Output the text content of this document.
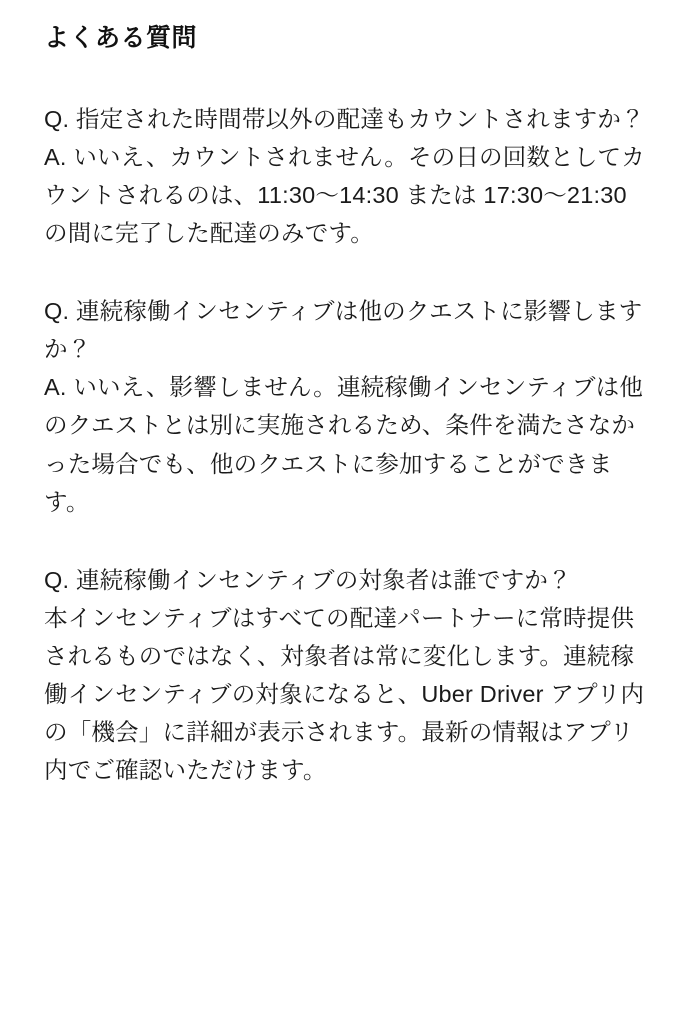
よくある質問

Q. 指定された時間帯以外の配達もカウントされますか？

A. いいえ、カウントされません。その日の回数としてカウントされるのは、11:30〜14:30 または 17:30〜21:30 の間に完了した配達のみです。

Q. 連続稼働インセンティブは他のクエストに影響しますか？

A. いいえ、影響しません。連続稼働インセンティブは他のクエストとは別に実施されるため、条件を満たさなかった場合でも、他のクエストに参加することができます。

Q. 連続稼働インセンティブの対象者は誰ですか？

本インセンティブはすべての配達パートナーに常時提供されるものではなく、対象者は常に変化します。連続稼働インセンティブの対象になると、Uber Driver アプリ内の「機会」に詳細が表示されます。最新の情報はアプリ内でご確認いただけます。
